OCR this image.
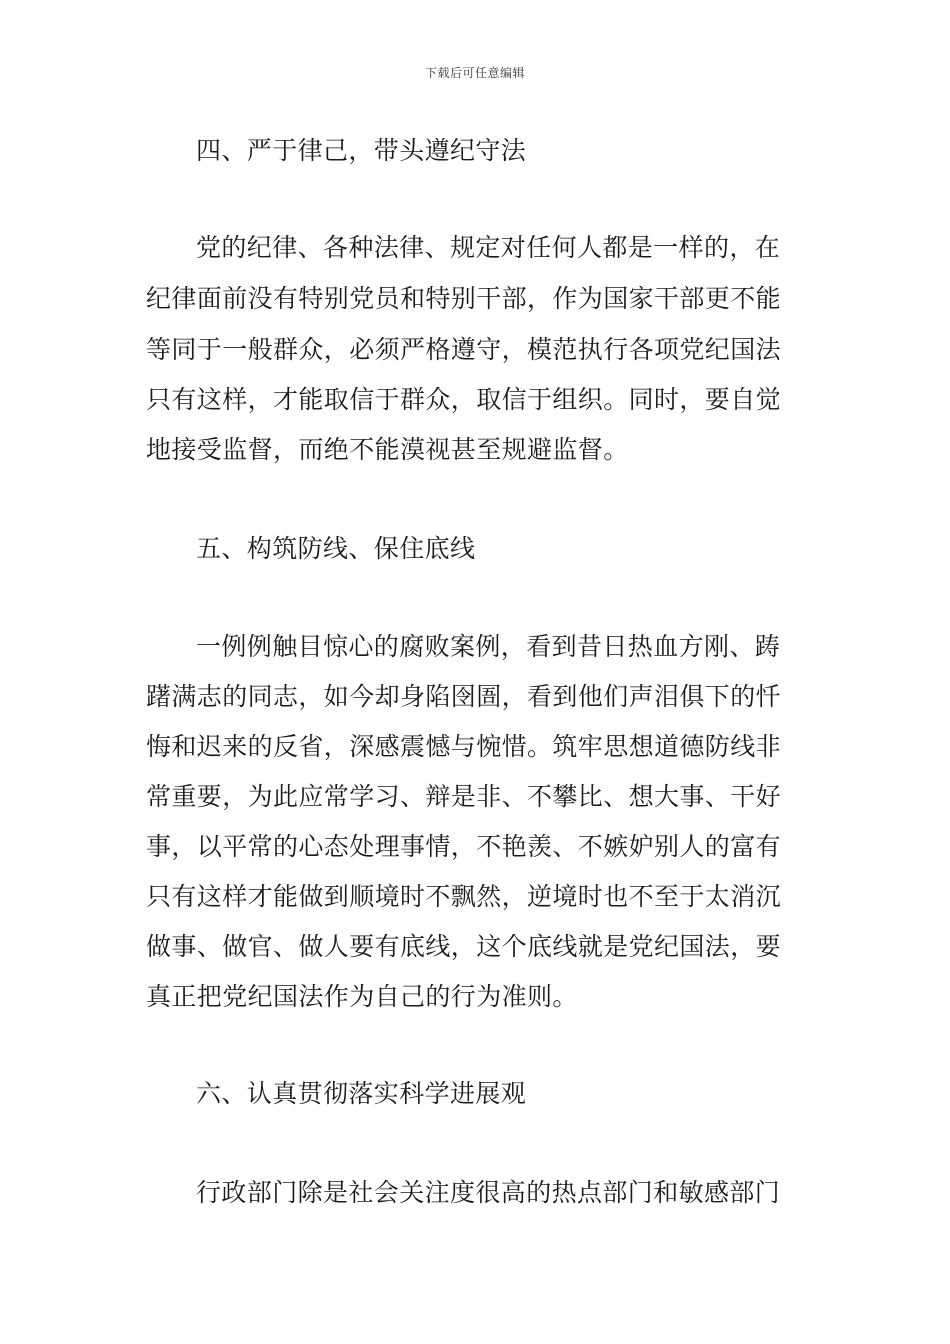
下载后可任意编辑
四、严于律己，带头遵纪守法
党的纪律、各种法律、规定对任何人都是一样的，在
纪律面前没有特别党员和特别干部，作为国家干部更不能
等同于一般群众，必须严格遵守，模范执行各项党纪国法
只有这样，才能取信于群众，取信于组织。同时，要自觉
地接受监督，而绝不能漠视甚至规避监督。
五、构筑防线、保住底线
一例例触目惊心的腐败案例，看到昔日热血方刚、踌
躇满志的同志，如今却身陷囹圄，看到他们声泪俱下的忏
悔和迟来的反省，深感震憾与惋惜。筑牢思想道德防线非
常重要，为此应常学习、辩是非、不攀比、想大事、干好
事，以平常的心态处理事情，不艳羡、不嫉妒别人的富有
只有这样才能做到顺境时不飘然，逆境时也不至于太消沉
做事、做官、做人要有底线，这个底线就是党纪国法，要
真正把党纪国法作为自己的行为准则。
六、认真贯彻落实科学进展观
行政部门除是社会关注度很高的热点部门和敏感部门
